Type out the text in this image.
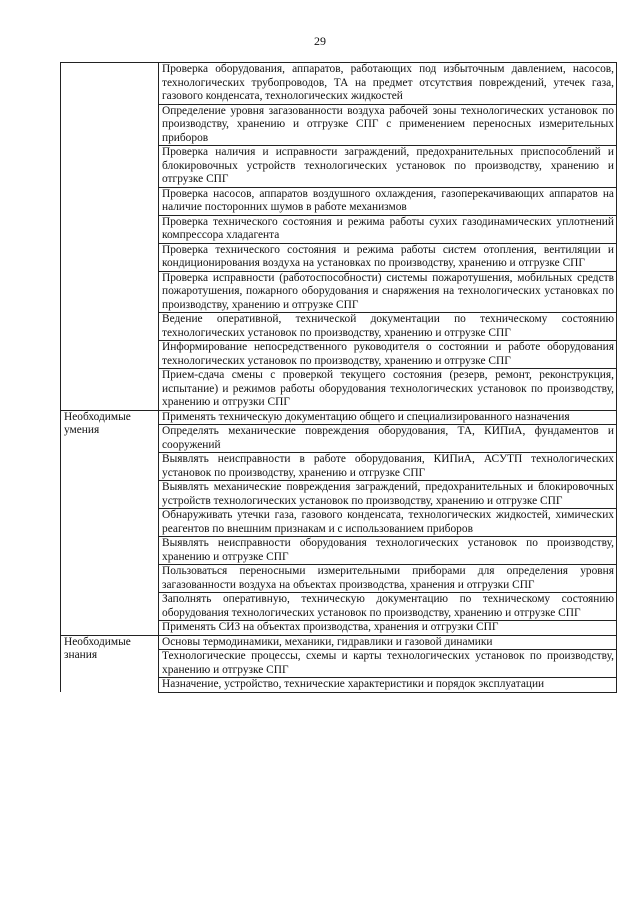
29
	Проверка оборудования, аппаратов, работающих под избыточным давлением, насосов, технологических трубопроводов, ТА на предмет отсутствия повреждений, утечек газа, газового конденсата, технологических жидкостей
	Определение уровня загазованности воздуха рабочей зоны технологических установок по производству, хранению и отгрузке СПГ с применением переносных измерительных приборов
	Проверка наличия и исправности заграждений, предохранительных приспособлений и блокировочных устройств технологических установок по производству, хранению и отгрузке СПГ
	Проверка насосов, аппаратов воздушного охлаждения, газоперекачивающих аппаратов на наличие посторонних шумов в работе механизмов
	Проверка технического состояния и режима работы сухих газодинамических уплотнений компрессора хладагента
	Проверка технического состояния и режима работы систем отопления, вентиляции и кондиционирования воздуха на установках по производству, хранению и отгрузке СПГ
	Проверка исправности (работоспособности) системы пожаротушения, мобильных средств пожаротушения, пожарного оборудования и снаряжения на технологических установках по производству, хранению и отгрузке СПГ
	Ведение оперативной, технической документации по техническому состоянию технологических установок по производству, хранению и отгрузке СПГ
	Информирование непосредственного руководителя о состоянии и работе оборудования технологических установок по производству, хранению и отгрузке СПГ
	Прием-сдача смены с проверкой текущего состояния (резерв, ремонт, реконструкция, испытание) и режимов работы оборудования технологических установок по производству, хранению и отгрузки СПГ
Необходимые умения	Применять техническую документацию общего и специализированного назначения
	Определять механические повреждения оборудования, ТА, КИПиА, фундаментов и сооружений
	Выявлять неисправности в работе оборудования, КИПиА, АСУТП технологических установок по производству, хранению и отгрузке СПГ
	Выявлять механические повреждения заграждений, предохранительных и блокировочных устройств технологических установок по производству, хранению и отгрузке СПГ
	Обнаруживать утечки газа, газового конденсата, технологических жидкостей, химических реагентов по внешним признакам и с использованием приборов
	Выявлять неисправности оборудования технологических установок по производству, хранению и отгрузке СПГ
	Пользоваться переносными измерительными приборами для определения уровня загазованности воздуха на объектах производства, хранения и отгрузки СПГ
	Заполнять оперативную, техническую документацию по техническому состоянию оборудования технологических установок по производству, хранению и отгрузке СПГ
	Применять СИЗ на объектах производства, хранения и отгрузки СПГ
Необходимые знания	Основы термодинамики, механики, гидравлики и газовой динамики
	Технологические процессы, схемы и карты технологических установок по производству, хранению и отгрузке СПГ
	Назначение, устройство, технические характеристики и порядок эксплуатации
